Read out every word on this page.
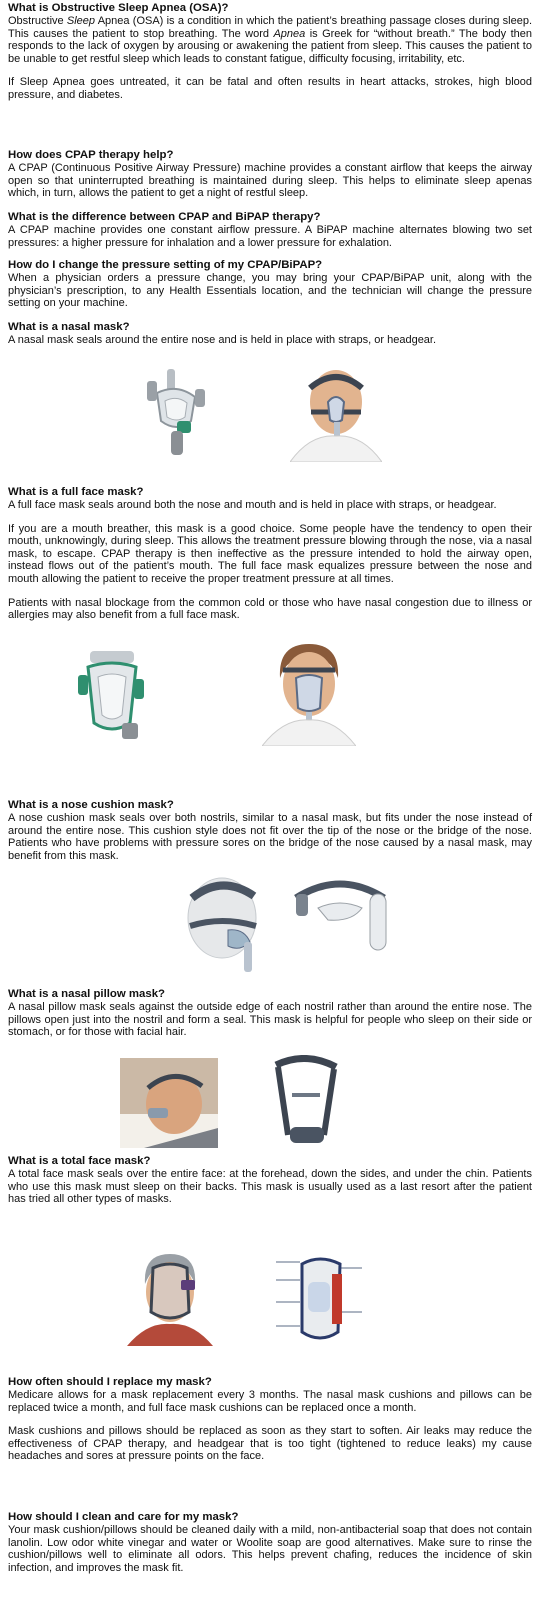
What is Obstructive Sleep Apnea (OSA)?

Obstructive Sleep Apnea (OSA) is a condition in which the patient’s breathing passage closes during sleep. This causes the patient to stop breathing. The word Apnea is Greek for “without breath.” The body then responds to the lack of oxygen by arousing or awakening the patient from sleep. This causes the patient to be unable to get restful sleep which leads to constant fatigue, difficulty focusing, irritability, etc.

If Sleep Apnea goes untreated, it can be fatal and often results in heart attacks, strokes, high blood pressure, and diabetes.

How does CPAP therapy help?

A CPAP (Continuous Positive Airway Pressure) machine provides a constant airflow that keeps the airway open so that uninterrupted breathing is maintained during sleep. This helps to eliminate sleep apenas which, in turn, allows the patient to get a night of restful sleep.

What is the difference between CPAP and BiPAP therapy?

A CPAP machine provides one constant airflow pressure. A BiPAP machine alternates blowing two set pressures: a higher pressure for inhalation and a lower pressure for exhalation.

How do I change the pressure setting of my CPAP/BiPAP?

When a physician orders a pressure change, you may bring your CPAP/BiPAP unit, along with the physician’s prescription, to any Health Essentials location, and the technician will change the pressure setting on your machine.

What is a nasal mask?

A nasal mask seals around the entire nose and is held in place with straps, or headgear.

What is a full face mask?

A full face mask seals around both the nose and mouth and is held in place with straps, or headgear.

If you are a mouth breather, this mask is a good choice. Some people have the tendency to open their mouth, unknowingly, during sleep. This allows the treatment pressure blowing through the nose, via a nasal mask, to escape. CPAP therapy is then ineffective as the pressure intended to hold the airway open, instead flows out of the patient’s mouth. The full face mask equalizes pressure between the nose and mouth allowing the patient to receive the proper treatment pressure at all times.

Patients with nasal blockage from the common cold or those who have nasal congestion due to illness or allergies may also benefit from a full face mask.

What is a nose cushion mask?

A nose cushion mask seals over both nostrils, similar to a nasal mask, but fits under the nose instead of around the entire nose. This cushion style does not fit over the tip of the nose or the bridge of the nose. Patients who have problems with pressure sores on the bridge of the nose caused by a nasal mask, may benefit from this mask.

What is a nasal pillow mask?

A nasal pillow mask seals against the outside edge of each nostril rather than around the entire nose. The pillows open just into the nostril and form a seal. This mask is helpful for people who sleep on their side or stomach, or for those with facial hair.

What is a total face mask?

A total face mask seals over the entire face: at the forehead, down the sides, and under the chin. Patients who use this mask must sleep on their backs. This mask is usually used as a last resort after the patient has tried all other types of masks.

How often should I replace my mask?

Medicare allows for a mask replacement every 3 months. The nasal mask cushions and pillows can be replaced twice a month, and full face mask cushions can be replaced once a month.

Mask cushions and pillows should be replaced as soon as they start to soften. Air leaks may reduce the effectiveness of CPAP therapy, and headgear that is too tight (tightened to reduce leaks) my cause headaches and sores at pressure points on the face.

How should I clean and care for my mask?

Your mask cushion/pillows should be cleaned daily with a mild, non-antibacterial soap that does not contain lanolin. Low odor white vinegar and water or Woolite soap are good alternatives. Make sure to rinse the cushion/pillows well to eliminate all odors. This helps prevent chafing, reduces the incidence of skin infection, and improves the mask fit.
